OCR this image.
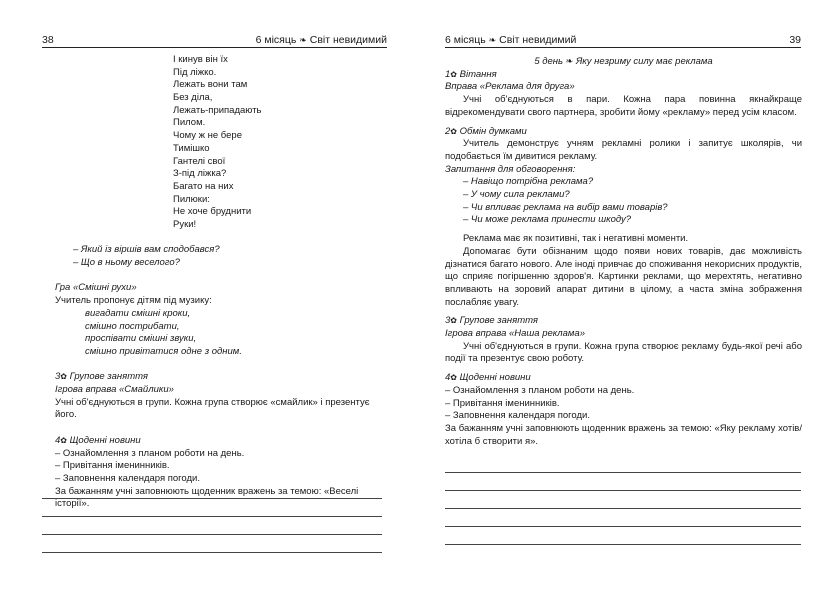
38	6 місяць ❧ Світ невидимий
І кинув він їх
Під ліжко.
Лежать вони там
Без діла,
Лежать-припадають
Пилом.
Чому ж не бере
Тимішко
Гантелі свої
З-під ліжка?
Багато на них
Пилюки:
Не хоче бруднити
Руки!
– Який із віршів вам сподобався?
– Що в ньому веселого?
Гра «Смішні рухи»
Учитель пропонує дітям під музику:
вигадати смішні кроки,
смішно пострибати,
проспівати смішні звуки,
смішно привітатися одне з одним.
3✿ Групове заняття
Ігрова вправа «Смайлики»
Учні об'єднуються в групи. Кожна група створює «смайлик» і презентує його.
4✿ Щоденні новини
– Ознайомлення з планом роботи на день.
– Привітання іменинників.
– Заповнення календаря погоди.
За бажанням учні заповнюють щоденник вражень за темою: «Веселі історії».
6 місяць ❧ Світ невидимий	39
5 день ❧ Яку незриму силу має реклама
1✿ Вітання
Вправа «Реклама для друга»
Учні об'єднуються в пари. Кожна пара повинна якнайкраще відрекомендувати свого партнера, зробити йому «рекламу» перед усім класом.
2✿ Обмін думками
Учитель демонструє учням рекламні ролики і запитує школярів, чи подобається їм дивитися рекламу.
Запитання для обговорення:
– Навіщо потрібна реклама?
– У чому сила реклами?
– Чи впливає реклама на вибір вами товарів?
– Чи може реклама принести шкоду?
Реклама має як позитивні, так і негативні моменти.
Допомагає бути обізнаним щодо появи нових товарів, дає можливість дізнатися багато нового. Але іноді привчає до споживання некорисних продуктів, що сприяє погіршенню здоров'я. Картинки реклами, що мерехтять, негативно впливають на зоровий апарат дитини в цілому, а часта зміна зображення послабляє увагу.
3✿ Групове заняття
Ігрова вправа «Наша реклама»
Учні об'єднуються в групи. Кожна група створює рекламу будь-якої речі або події та презентує свою роботу.
4✿ Щоденні новини
– Ознайомлення з планом роботи на день.
– Привітання іменинників.
– Заповнення календаря погоди.
За бажанням учні заповнюють щоденник вражень за темою: «Яку рекламу хотів/хотіла б створити я».
